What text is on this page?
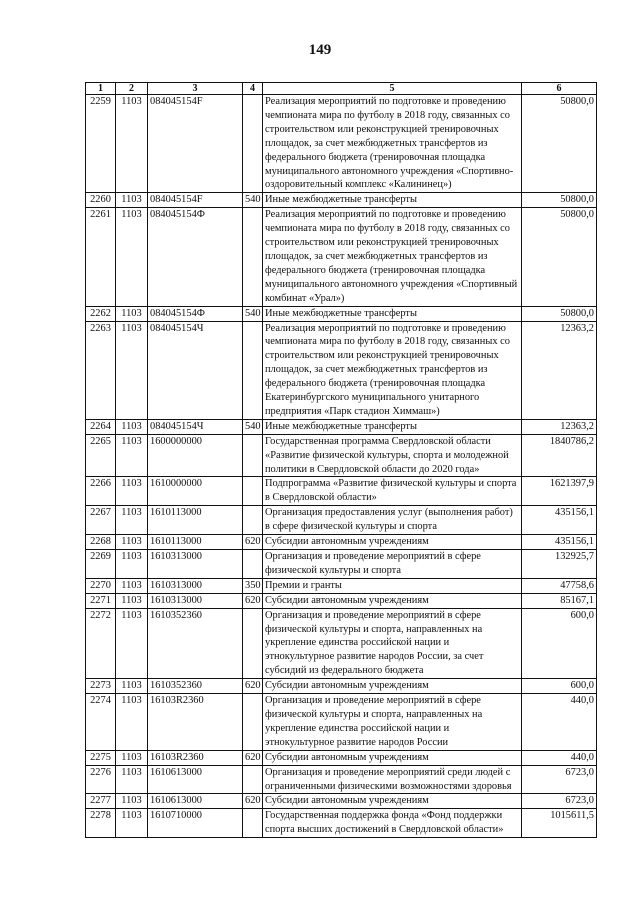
149
1	2	3	4	5	6
2259	1103	084045154F		Реализация мероприятий по подготовке и проведению чемпионата мира по футболу в 2018 году, связанных со строительством или реконструкцией тренировочных площадок, за счет межбюджетных трансфертов из федерального бюджета (тренировочная площадка муниципального автономного учреждения «Спортивно-оздоровительный комплекс «Калининец»)	50800,0
2260	1103	084045154F	540	Иные межбюджетные трансферты	50800,0
2261	1103	084045154Ф		Реализация мероприятий по подготовке и проведению чемпионата мира по футболу в 2018 году, связанных со строительством или реконструкцией тренировочных площадок, за счет межбюджетных трансфертов из федерального бюджета (тренировочная площадка муниципального автономного учреждения «Спортивный комбинат «Урал»)	50800,0
2262	1103	084045154Ф	540	Иные межбюджетные трансферты	50800,0
2263	1103	084045154Ч		Реализация мероприятий по подготовке и проведению чемпионата мира по футболу в 2018 году, связанных со строительством или реконструкцией тренировочных площадок, за счет межбюджетных трансфертов из федерального бюджета (тренировочная площадка Екатеринбургского муниципального унитарного предприятия «Парк стадион Химмаш»)	12363,2
2264	1103	084045154Ч	540	Иные межбюджетные трансферты	12363,2
2265	1103	1600000000		Государственная программа Свердловской области «Развитие физической культуры, спорта и молодежной политики в Свердловской области до 2020 года»	1840786,2
2266	1103	1610000000		Подпрограмма «Развитие физической культуры и спорта в Свердловской области»	1621397,9
2267	1103	1610113000		Организация предоставления услуг (выполнения работ) в сфере физической культуры и спорта	435156,1
2268	1103	1610113000	620	Субсидии автономным учреждениям	435156,1
2269	1103	1610313000		Организация и проведение мероприятий в сфере физической культуры и спорта	132925,7
2270	1103	1610313000	350	Премии и гранты	47758,6
2271	1103	1610313000	620	Субсидии автономным учреждениям	85167,1
2272	1103	1610352360		Организация и проведение мероприятий в сфере физической культуры и спорта, направленных на укрепление единства российской нации и этнокультурное развитие народов России, за счет субсидий из федерального бюджета	600,0
2273	1103	1610352360	620	Субсидии автономным учреждениям	600,0
2274	1103	16103R2360		Организация и проведение мероприятий в сфере физической культуры и спорта, направленных на укрепление единства российской нации и этнокультурное развитие народов России	440,0
2275	1103	16103R2360	620	Субсидии автономным учреждениям	440,0
2276	1103	1610613000		Организация и проведение мероприятий среди людей с ограниченными физическими возможностями здоровья	6723,0
2277	1103	1610613000	620	Субсидии автономным учреждениям	6723,0
2278	1103	1610710000		Государственная поддержка фонда «Фонд поддержки спорта высших достижений в Свердловской области»	1015611,5
